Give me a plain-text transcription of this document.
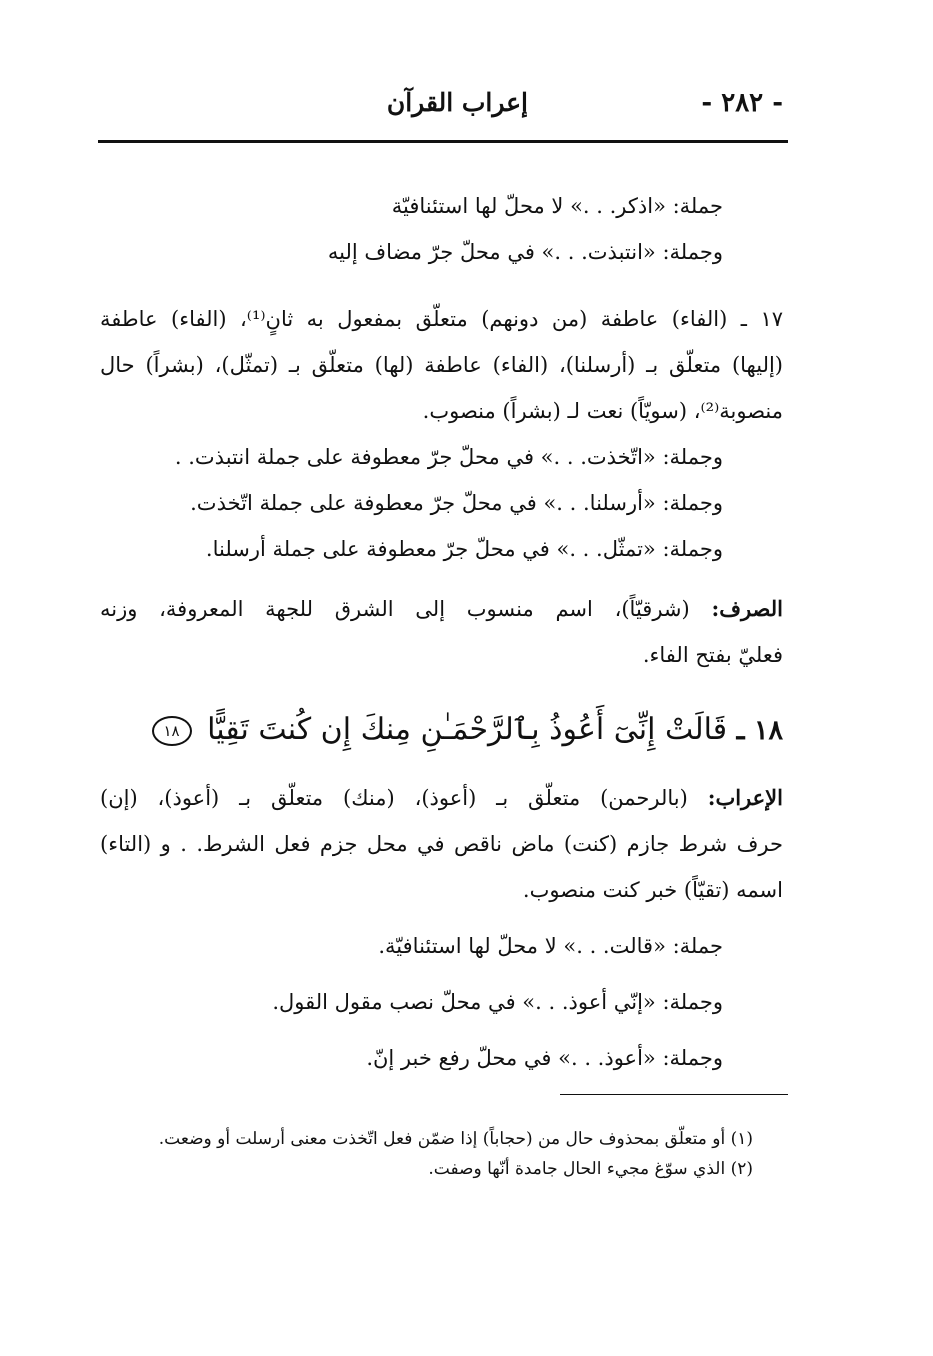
- ٢٨٢ -
إعراب القرآن
جملة: «اذكر. . .» لا محلّ لها استئنافيّة
وجملة: «انتبذت. . .» في محلّ جرّ مضاف إليه
١٧ ـ (الفاء) عاطفة (من دونهم) متعلّق بمفعول به ثانٍ⁽¹⁾، (الفاء) عاطفة
(إليها) متعلّق بـ (أرسلنا)، (الفاء) عاطفة (لها) متعلّق بـ (تمثّل)، (بشراً) حال
منصوبة⁽²⁾، (سويّاً) نعت لـ (بشراً) منصوب.
وجملة: «اتّخذت. . .» في محلّ جرّ معطوفة على جملة انتبذت. .
وجملة: «أرسلنا. . .» في محلّ جرّ معطوفة على جملة اتّخذت.
وجملة: «تمثّل. . .» في محلّ جرّ معطوفة على جملة أرسلنا.
الصرف: (شرقيّاً)، اسم منسوب إلى الشرق للجهة المعروفة، وزنه
فعليّ بفتح الفاء.
١٨ ـ قَالَتْ إِنِّىٓ أَعُوذُ بِٱلرَّحْمَـٰنِ مِنكَ إِن كُنتَ تَقِيًّا ١٨
الإعراب: (بالرحمن) متعلّق بـ (أعوذ)، (منك) متعلّق بـ (أعوذ)، (إن)
حرف شرط جازم (كنت) ماض ناقص في محل جزم فعل الشرط. . و (التاء)
اسمه (تقيّاً) خبر كنت منصوب.
جملة: «قالت. . .» لا محلّ لها استئنافيّة.
وجملة: «إنّي أعوذ. . .» في محلّ نصب مقول القول.
وجملة: «أعوذ. . .» في محلّ رفع خبر إنّ.
(١) أو متعلّق بمحذوف حال من (حجاباً) إذا ضمّن فعل اتّخذت معنى أرسلت أو وضعت.
(٢) الذي سوّغ مجيء الحال جامدة أنّها وصفت.
